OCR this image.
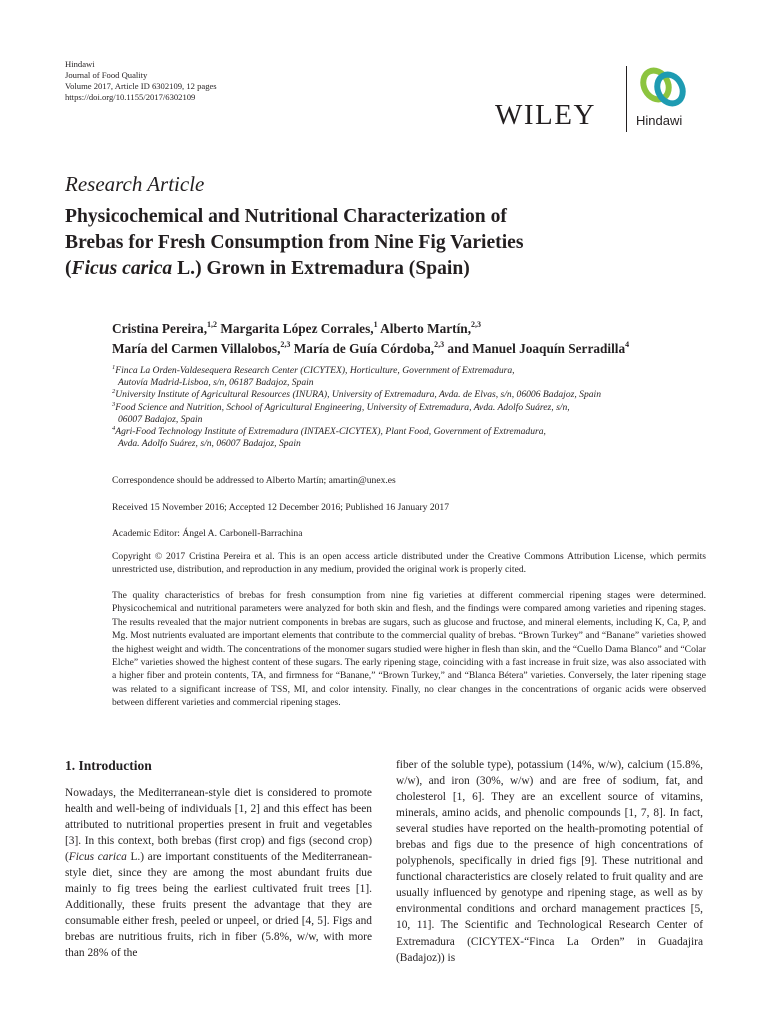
Hindawi
Journal of Food Quality
Volume 2017, Article ID 6302109, 12 pages
https://doi.org/10.1155/2017/6302109
WILEY	Hindawi
Research Article
Physicochemical and Nutritional Characterization of
Brebas for Fresh Consumption from Nine Fig Varieties
(Ficus carica L.) Grown in Extremadura (Spain)
Cristina Pereira,$^{1,2}$ Margarita López Corrales,$^1$ Alberto Martín,$^{2,3}$
María del Carmen Villalobos,$^{2,3}$ María de Guía Córdoba,$^{2,3}$ and Manuel Joaquín Serradilla$^4$
$^1$Finca La Orden-Valdesequera Research Center (CICYTEX), Horticulture, Government of Extremadura,
Autovía Madrid-Lisboa, s/n, 06187 Badajoz, Spain
$^2$University Institute of Agricultural Resources (INURA), University of Extremadura, Avda. de Elvas, s/n, 06006 Badajoz, Spain
$^3$Food Science and Nutrition, School of Agricultural Engineering, University of Extremadura, Avda. Adolfo Suárez, s/n,
06007 Badajoz, Spain
$^4$Agri-Food Technology Institute of Extremadura (INTAEX-CICYTEX), Plant Food, Government of Extremadura,
Avda. Adolfo Suárez, s/n, 06007 Badajoz, Spain
Correspondence should be addressed to Alberto Martín; amartin@unex.es
Received 15 November 2016; Accepted 12 December 2016; Published 16 January 2017
Academic Editor: Ángel A. Carbonell-Barrachina
Copyright © 2017 Cristina Pereira et al. This is an open access article distributed under the Creative Commons Attribution License, which permits unrestricted use, distribution, and reproduction in any medium, provided the original work is properly cited.
The quality characteristics of brebas for fresh consumption from nine fig varieties at different commercial ripening stages were determined. Physicochemical and nutritional parameters were analyzed for both skin and flesh, and the findings were compared among varieties and ripening stages. The results revealed that the major nutrient components in brebas are sugars, such as glucose and fructose, and mineral elements, including K, Ca, P, and Mg. Most nutrients evaluated are important elements that contribute to the commercial quality of brebas. “Brown Turkey” and “Banane” varieties showed the highest weight and width. The concentrations of the monomer sugars studied were higher in flesh than skin, and the “Cuello Dama Blanco” and “Colar Elche” varieties showed the highest content of these sugars. The early ripening stage, coinciding with a fast increase in fruit size, was also associated with a higher fiber and protein contents, TA, and firmness for “Banane,” “Brown Turkey,” and “Blanca Bétera” varieties. Conversely, the later ripening stage was related to a significant increase of TSS, MI, and color intensity. Finally, no clear changes in the concentrations of organic acids were observed between different varieties and commercial ripening stages.
1. Introduction
Nowadays, the Mediterranean-style diet is considered to promote health and well-being of individuals [1, 2] and this effect has been attributed to nutritional properties present in fruit and vegetables [3]. In this context, both brebas (first crop) and figs (second crop) (Ficus carica L.) are important constituents of the Mediterranean-style diet, since they are among the most abundant fruits due mainly to fig trees being the earliest cultivated fruit trees [1]. Additionally, these fruits present the advantage that they are consumable either fresh, peeled or unpeel, or dried [4, 5]. Figs and brebas are nutritious fruits, rich in fiber (5.8%, w/w, with more than 28% of the
fiber of the soluble type), potassium (14%, w/w), calcium (15.8%, w/w), and iron (30%, w/w) and are free of sodium, fat, and cholesterol [1, 6]. They are an excellent source of vitamins, minerals, amino acids, and phenolic compounds [1, 7, 8]. In fact, several studies have reported on the health-promoting potential of brebas and figs due to the presence of high concentrations of polyphenols, specifically in dried figs [9]. These nutritional and functional characteristics are closely related to fruit quality and are usually influenced by genotype and ripening stage, as well as by environmental conditions and orchard management practices [5, 10, 11]. The Scientific and Technological Research Center of Extremadura (CICYTEX-“Finca La Orden” in Guadajira (Badajoz)) is
